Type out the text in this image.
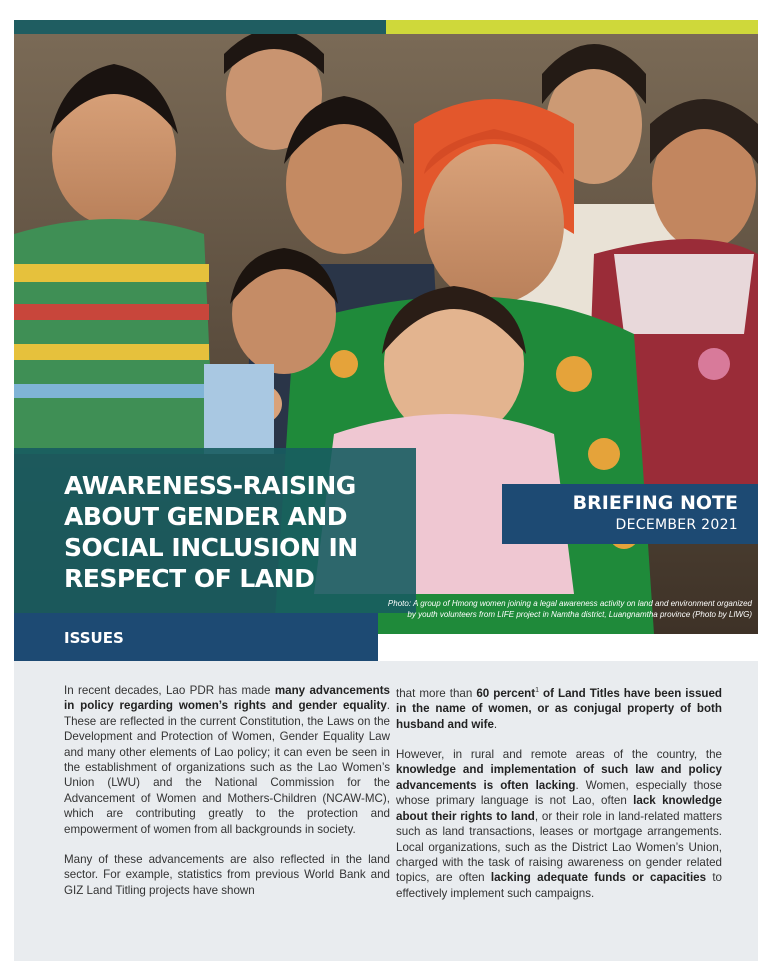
AWARENESS-RAISING ABOUT GENDER AND SOCIAL INCLUSION IN RESPECT OF LAND
BRIEFING NOTE
DECEMBER 2021
Photo: A group of Hmong women joining a legal awareness activity on land and environment organized by youth volunteers from LIFE project in Namtha district, Luangnamtha province (Photo by LIWG)
ISSUES

In recent decades, Lao PDR has made many advancements in policy regarding women’s rights and gender equality. These are reflected in the current Constitution, the Laws on the Development and Protection of Women, Gender Equality Law and many other elements of Lao policy; it can even be seen in the establishment of organizations such as the Lao Women’s Union (LWU) and the National Commission for the Advancement of Women and Mothers-Children (NCAW-MC), which are contributing greatly to the protection and empowerment of women from all backgrounds in society.

Many of these advancements are also reflected in the land sector. For example, statistics from previous World Bank and GIZ Land Titling projects have shown

that more than 60 percent$^1$ of Land Titles have been issued in the name of women, or as conjugal property of both husband and wife.

However, in rural and remote areas of the country, the knowledge and implementation of such law and policy advancements is often lacking. Women, especially those whose primary language is not Lao, often lack knowledge about their rights to land, or their role in land-related matters such as land transactions, leases or mortgage arrangements. Local organizations, such as the District Lao Women’s Union, charged with the task of raising awareness on gender related topics, are often lacking adequate funds or capacities to effectively implement such campaigns.
